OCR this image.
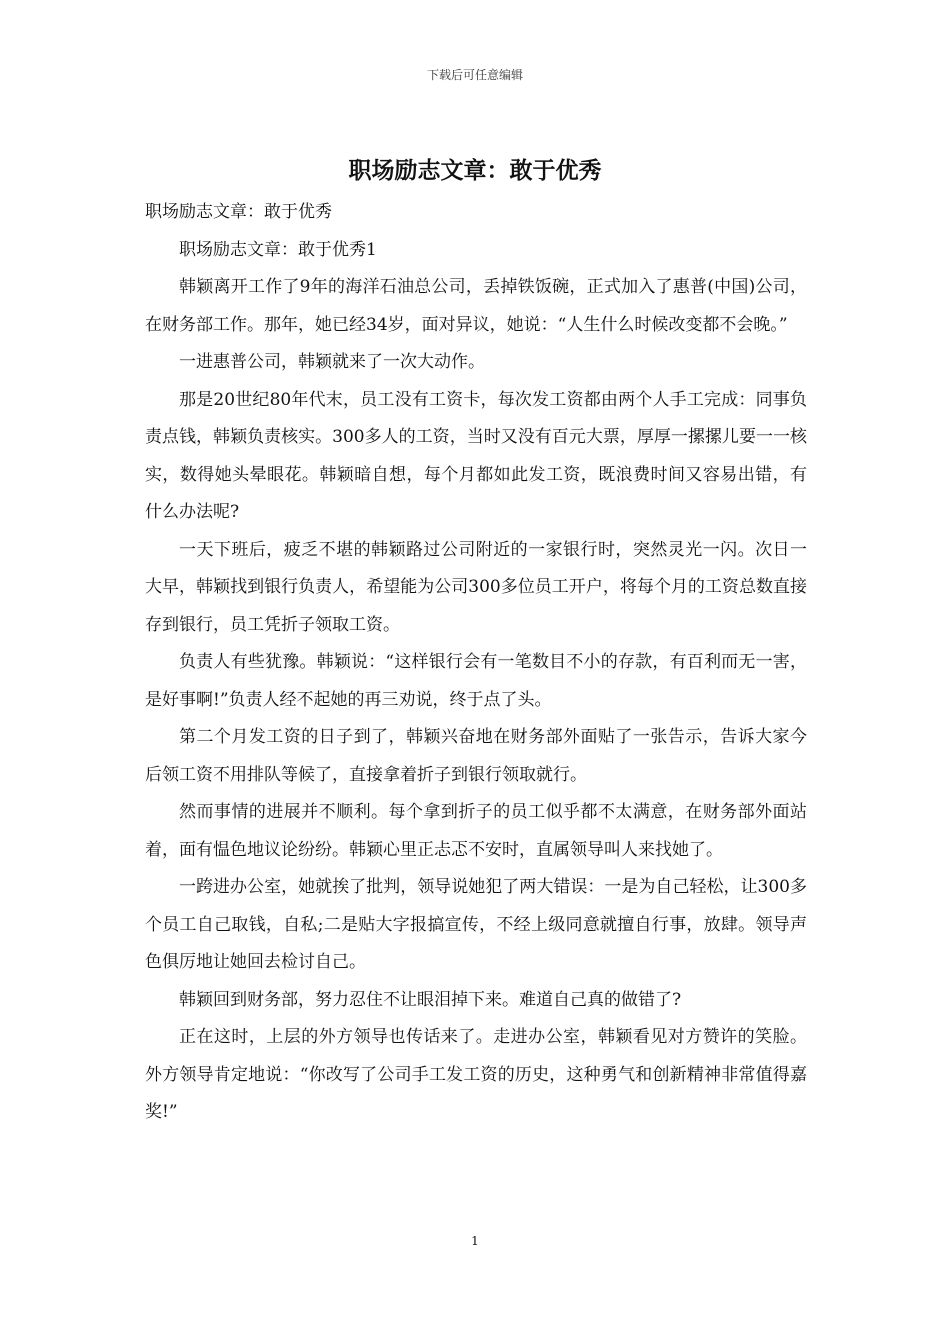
下载后可任意编辑
职场励志文章：敢于优秀

职场励志文章：敢于优秀

职场励志文章：敢于优秀1

韩颖离开工作了9年的海洋石油总公司，丢掉铁饭碗，正式加入了惠普(中国)公司，在财务部工作。那年，她已经34岁，面对异议，她说：“人生什么时候改变都不会晚。”

一进惠普公司，韩颖就来了一次大动作。

那是20世纪80年代末，员工没有工资卡，每次发工资都由两个人手工完成：同事负责点钱，韩颖负责核实。300多人的工资，当时又没有百元大票，厚厚一摞摞儿要一一核实，数得她头晕眼花。韩颖暗自想，每个月都如此发工资，既浪费时间又容易出错，有什么办法呢?

一天下班后，疲乏不堪的韩颖路过公司附近的一家银行时，突然灵光一闪。次日一大早，韩颖找到银行负责人，希望能为公司300多位员工开户，将每个月的工资总数直接存到银行，员工凭折子领取工资。

负责人有些犹豫。韩颖说：“这样银行会有一笔数目不小的存款，有百利而无一害，是好事啊!”负责人经不起她的再三劝说，终于点了头。

第二个月发工资的日子到了，韩颖兴奋地在财务部外面贴了一张告示，告诉大家今后领工资不用排队等候了，直接拿着折子到银行领取就行。

然而事情的进展并不顺利。每个拿到折子的员工似乎都不太满意，在财务部外面站着，面有愠色地议论纷纷。韩颖心里正忐忑不安时，直属领导叫人来找她了。

一跨进办公室，她就挨了批判，领导说她犯了两大错误：一是为自己轻松，让300多个员工自己取钱，自私;二是贴大字报搞宣传，不经上级同意就擅自行事，放肆。领导声色俱厉地让她回去检讨自己。

韩颖回到财务部，努力忍住不让眼泪掉下来。难道自己真的做错了?

正在这时，上层的外方领导也传话来了。走进办公室，韩颖看见对方赞许的笑脸。外方领导肯定地说：“你改写了公司手工发工资的历史，这种勇气和创新精神非常值得嘉奖!”

1
